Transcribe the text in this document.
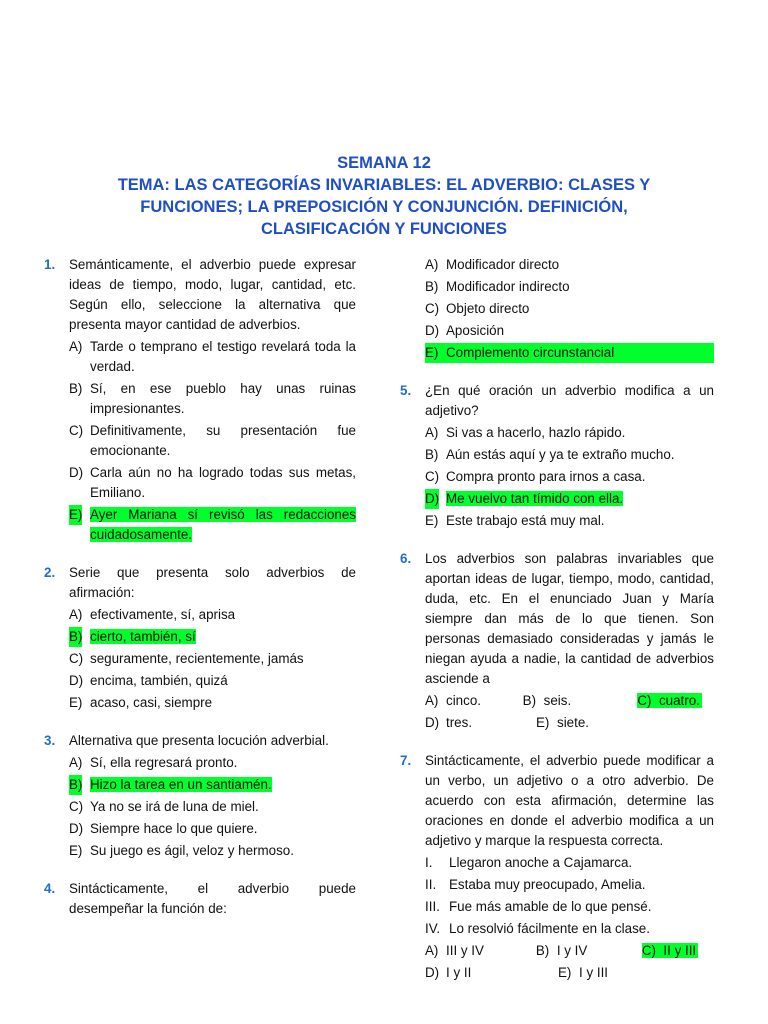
SEMANA 12
TEMA: LAS CATEGORÍAS INVARIABLES: EL ADVERBIO: CLASES Y
FUNCIONES; LA PREPOSICIÓN Y CONJUNCIÓN. DEFINICIÓN,
CLASIFICACIÓN Y FUNCIONES
1. Semánticamente, el adverbio puede expresar ideas de tiempo, modo, lugar, cantidad, etc. Según ello, seleccione la alternativa que presenta mayor cantidad de adverbios.
A) Tarde o temprano el testigo revelará toda la verdad.
B) Sí, en ese pueblo hay unas ruinas impresionantes.
C) Definitivamente, su presentación fue emocionante.
D) Carla aún no ha logrado todas sus metas, Emiliano.
E) Ayer Mariana sí revisó las redacciones cuidadosamente.
2. Serie que presenta solo adverbios de afirmación:
A) efectivamente, sí, aprisa
B) cierto, también, sí
C) seguramente, recientemente, jamás
D) encima, también, quizá
E) acaso, casi, siempre
3. Alternativa que presenta locución adverbial.
A) Sí, ella regresará pronto.
B) Hizo la tarea en un santiamén.
C) Ya no se irá de luna de miel.
D) Siempre hace lo que quiere.
E) Su juego es ágil, veloz y hermoso.
4. Sintácticamente, el adverbio puede desempeñar la función de:
A) Modificador directo
B) Modificador indirecto
C) Objeto directo
D) Aposición
E) Complemento circunstancial
5. ¿En qué oración un adverbio modifica a un adjetivo?
A) Si vas a hacerlo, hazlo rápido.
B) Aún estás aquí y ya te extraño mucho.
C) Compra pronto para irnos a casa.
D) Me vuelvo tan tímido con ella.
E) Este trabajo está muy mal.
6. Los adverbios son palabras invariables que aportan ideas de lugar, tiempo, modo, cantidad, duda, etc. En el enunciado Juan y María siempre dan más de lo que tienen. Son personas demasiado consideradas y jamás le niegan ayuda a nadie, la cantidad de adverbios asciende a
A) cinco.	B) seis.	C) cuatro.
D) tres.	E) siete.
7. Sintácticamente, el adverbio puede modificar a un verbo, un adjetivo o a otro adverbio. De acuerdo con esta afirmación, determine las oraciones en donde el adverbio modifica a un adjetivo y marque la respuesta correcta.
I. Llegaron anoche a Cajamarca.
II. Estaba muy preocupado, Amelia.
III. Fue más amable de lo que pensé.
IV. Lo resolvió fácilmente en la clase.
A) III y IV	B) I y IV	C) II y III
D) I y II	E) I y III
